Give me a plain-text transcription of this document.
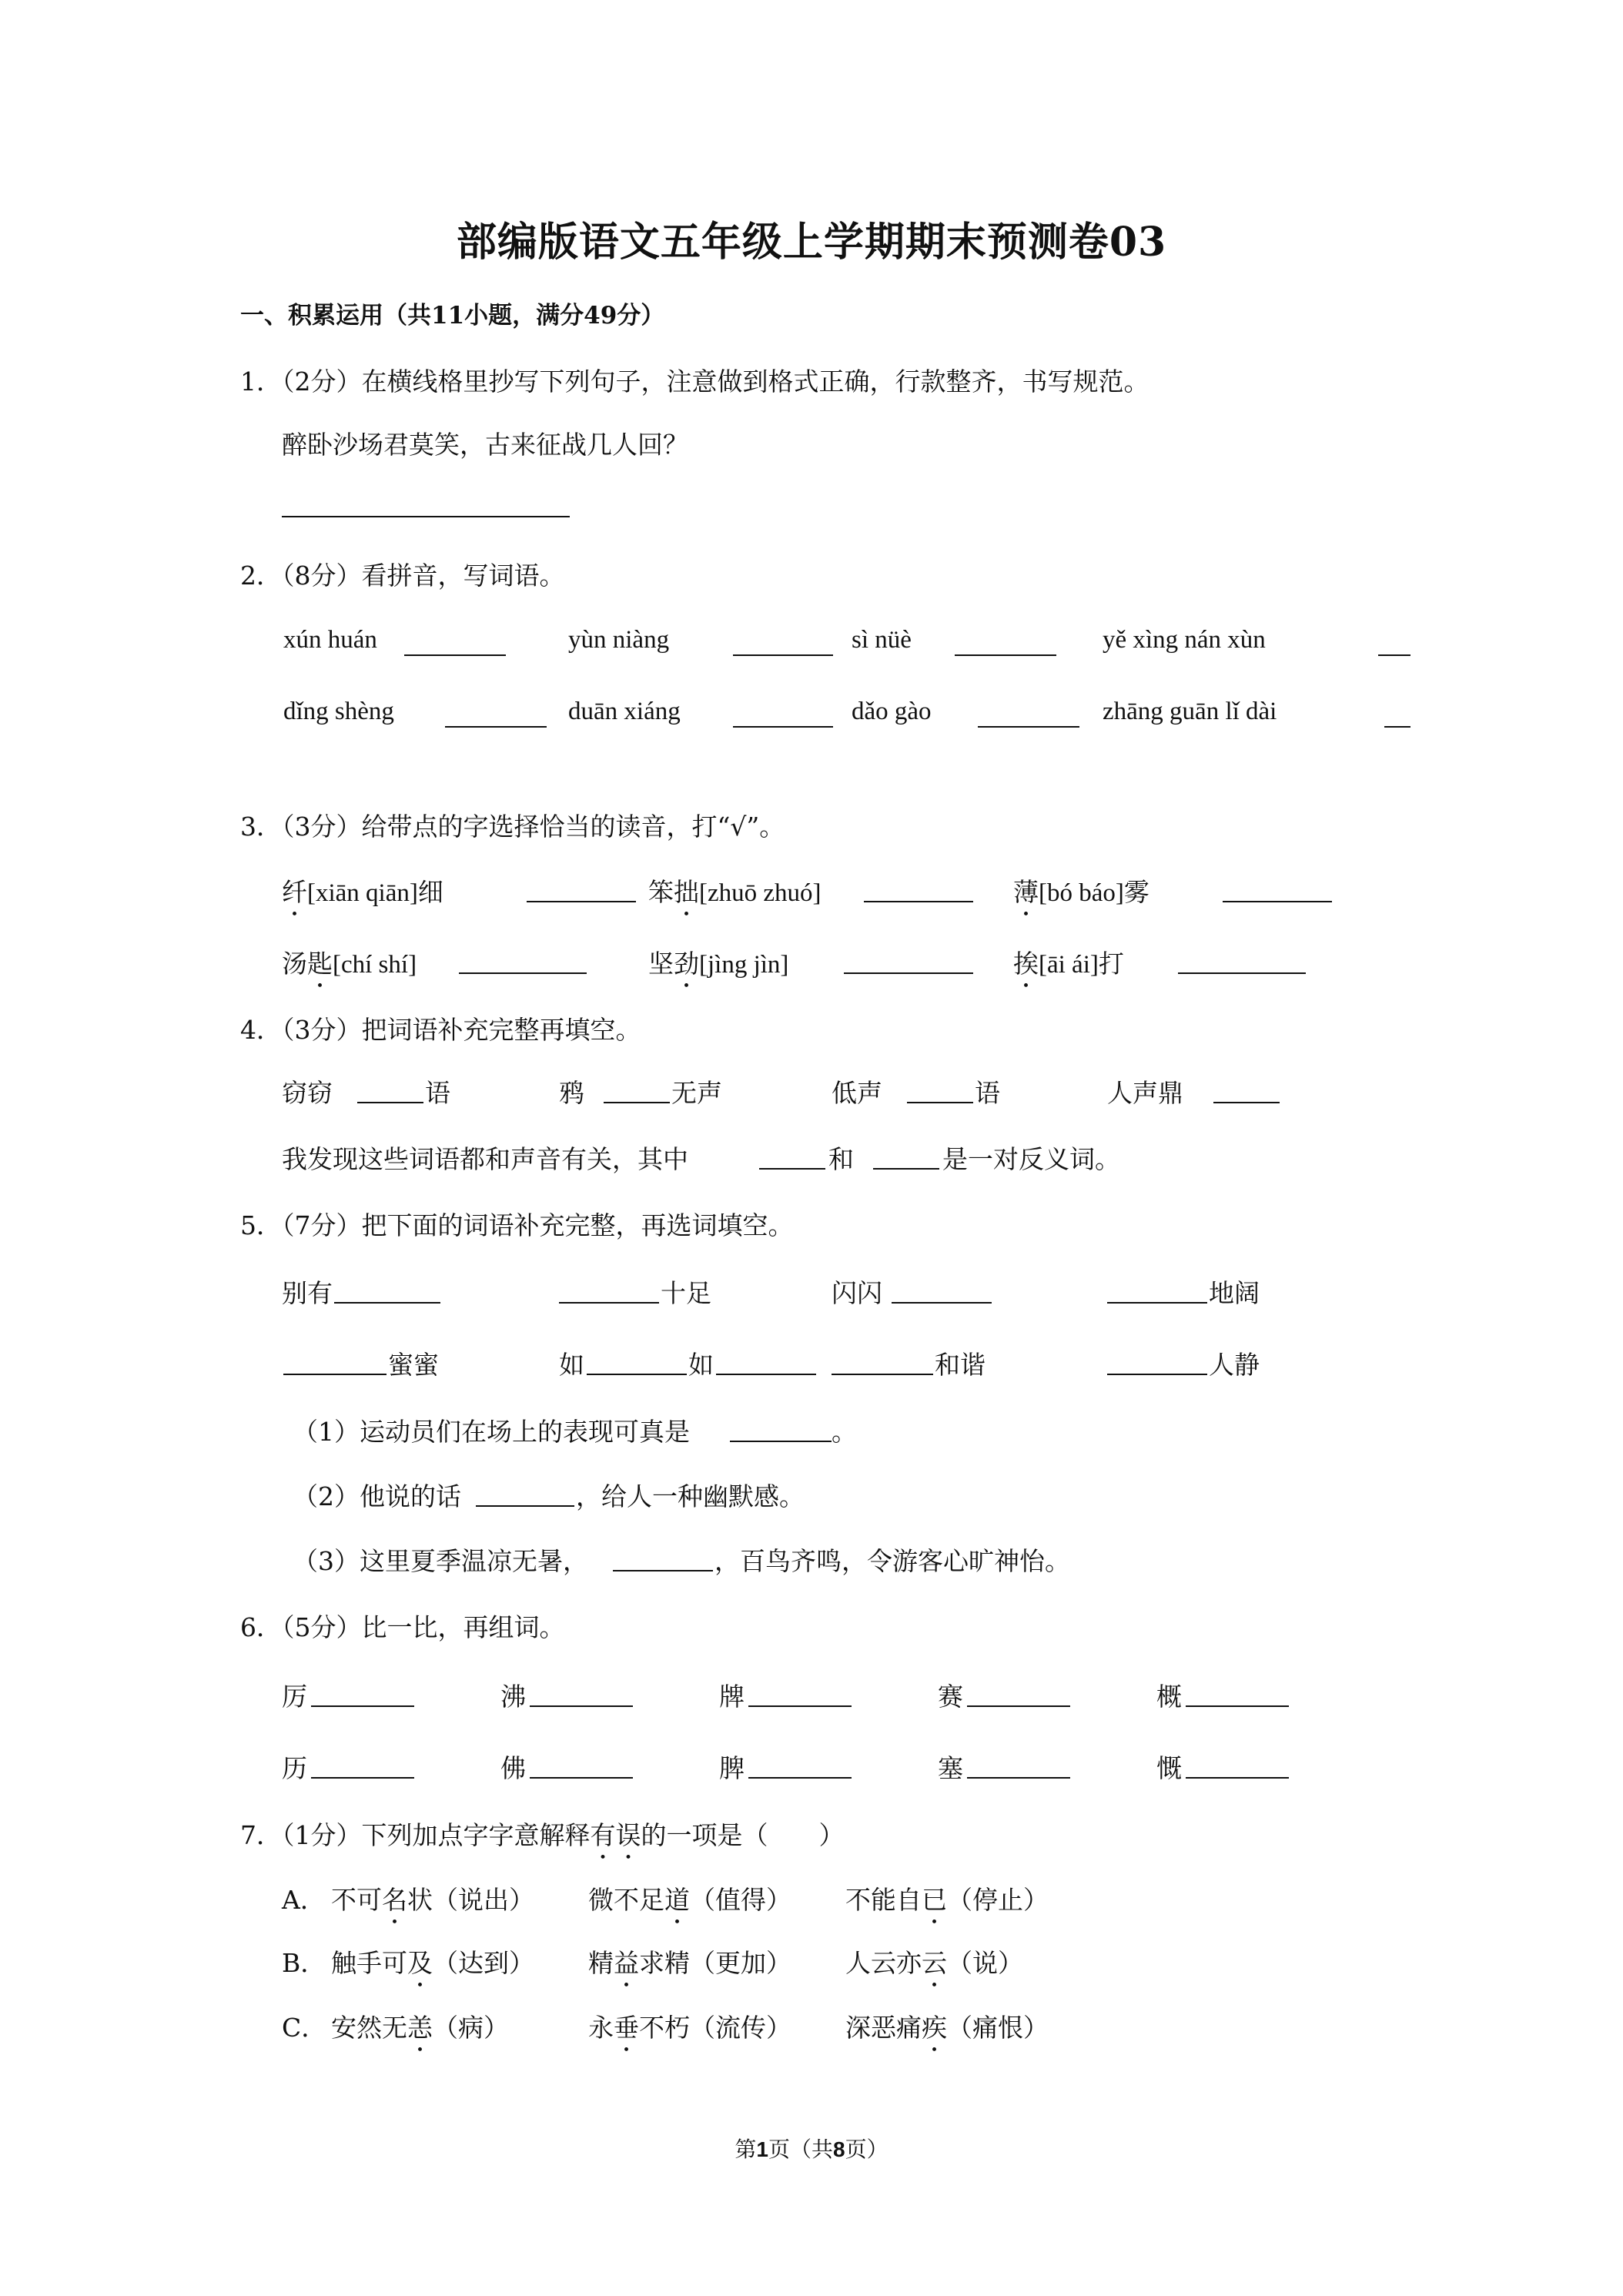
部编版语文五年级上学期期末预测卷03
一、积累运用（共11小题，满分49分）
1．（2分）在横线格里抄写下列句子，注意做到格式正确，行款整齐，书写规范。
醉卧沙场君莫笑，古来征战几人回？
2．（8分）看拼音，写词语。
xún huán	yùn niàng	sì nüè	yě xìng nán xùn
dǐng shèng	duān xiáng	dǎo gào	zhāng guān lǐ dài
3．（3分）给带点的字选择恰当的读音，打“√”。
纤[xiān qiān]细	笨拙[zhuō zhuó]	薄[bó báo]雾
汤匙[chí shí]	坚劲[jìng jìn]	挨[āi ái]打
4．（3分）把词语补充完整再填空。
窃窃	语	鸦	无声	低声	语	人声鼎
我发现这些词语都和声音有关，其中	和	是一对反义词。
5．（7分）把下面的词语补充完整，再选词填空。
别有	十足	闪闪	地阔
蜜蜜	如	如	和谐	人静
（1）运动员们在场上的表现可真是	。
（2）他说的话	，给人一种幽默感。
（3）这里夏季温凉无暑，	，百鸟齐鸣，令游客心旷神怡。
6．（5分）比一比，再组词。
厉	沸	牌	赛	概
历	佛	脾	塞	慨
7．（1分）下列加点字字意解释有误的一项是（　　）
A． 不可名状（说出） 微不足道（值得） 不能自已（停止）
B． 触手可及（达到） 精益求精（更加） 人云亦云（说）
C． 安然无恙（病）	永垂不朽（流传） 深恶痛疾（痛恨）
第1页（共8页）
